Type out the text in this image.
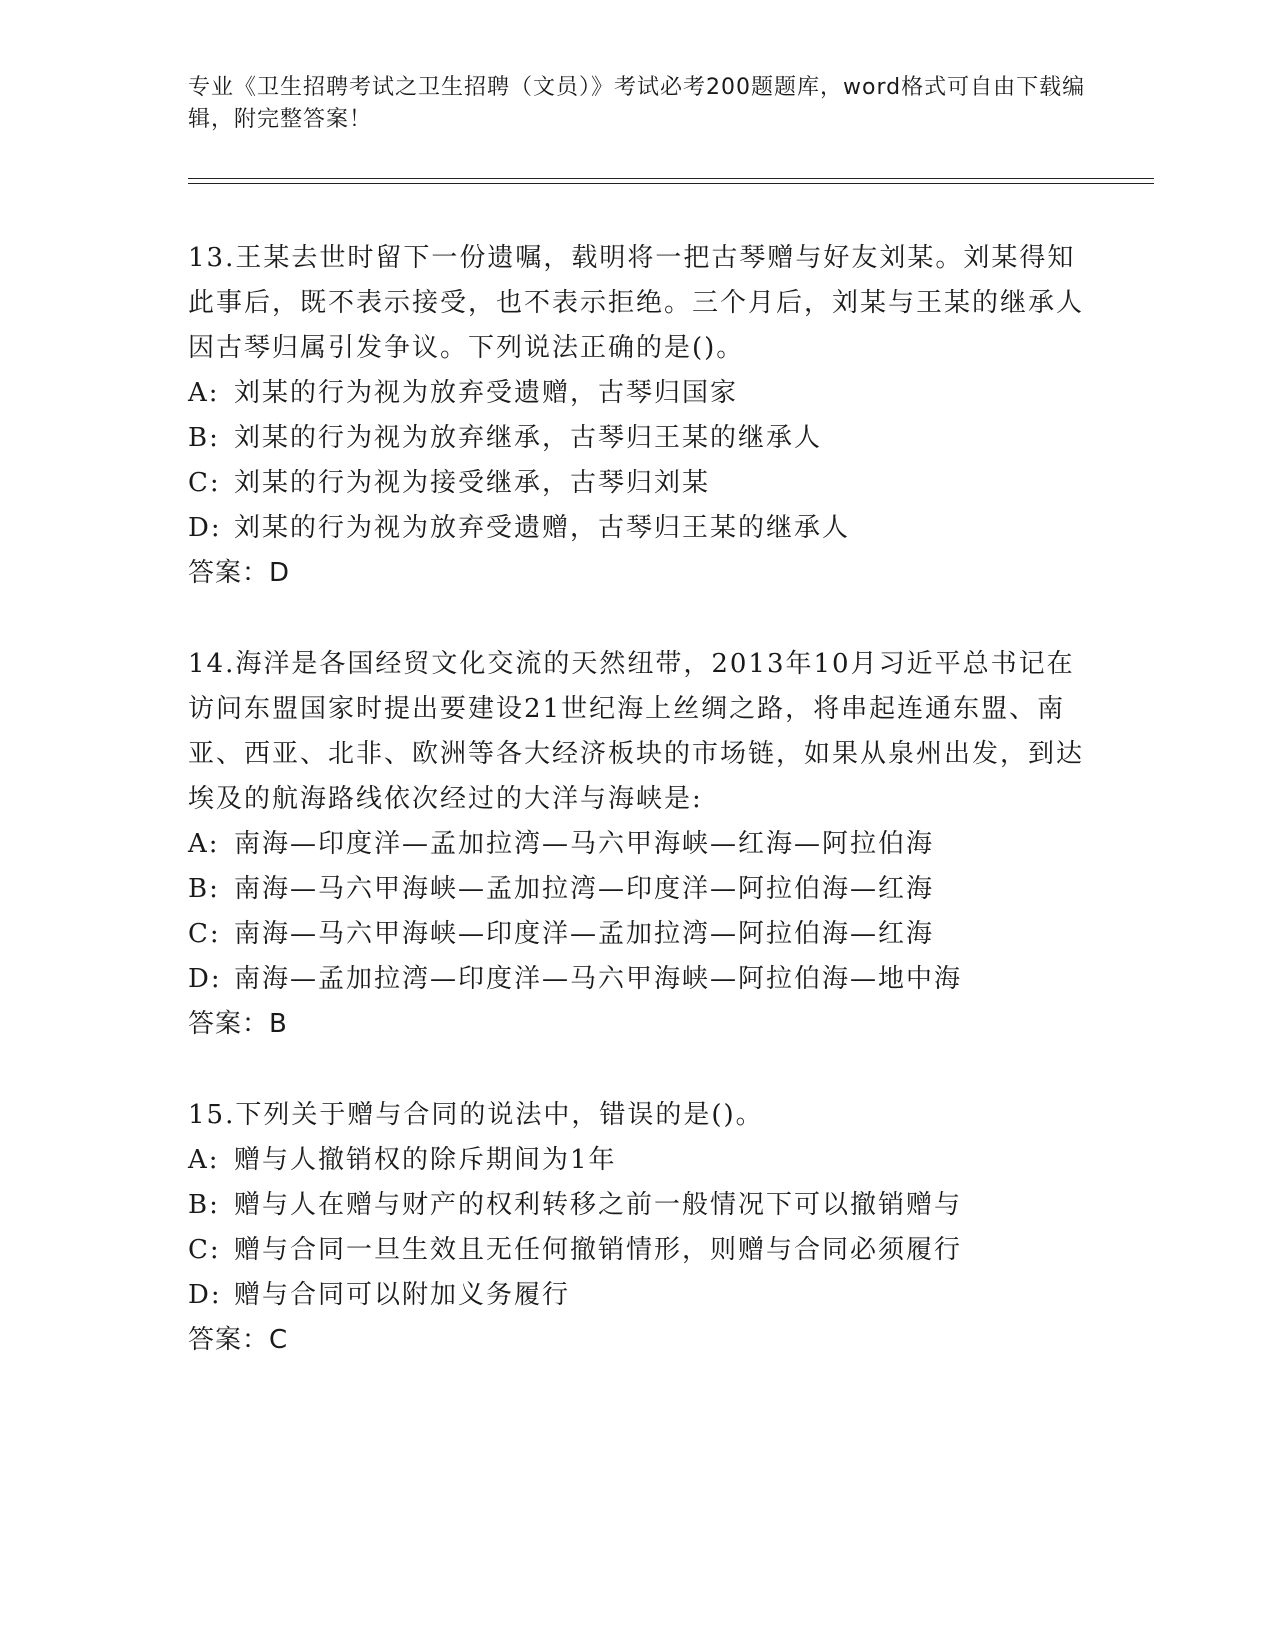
专业《卫生招聘考试之卫生招聘（文员）》考试必考200题题库，word格式可自由下载编辑，附完整答案！

13.王某去世时留下一份遗嘱，载明将一把古琴赠与好友刘某。刘某得知此事后，既不表示接受，也不表示拒绝。三个月后，刘某与王某的继承人因古琴归属引发争议。下列说法正确的是()。

A: 刘某的行为视为放弃受遗赠，古琴归国家
B: 刘某的行为视为放弃继承，古琴归王某的继承人
C: 刘某的行为视为接受继承，古琴归刘某
D: 刘某的行为视为放弃受遗赠，古琴归王某的继承人
答案：D

14.海洋是各国经贸文化交流的天然纽带，2013年10月习近平总书记在访问东盟国家时提出要建设21世纪海上丝绸之路，将串起连通东盟、南亚、西亚、北非、欧洲等各大经济板块的市场链，如果从泉州出发，到达埃及的航海路线依次经过的大洋与海峡是:

A: 南海—印度洋—孟加拉湾—马六甲海峡—红海—阿拉伯海
B: 南海—马六甲海峡—孟加拉湾—印度洋—阿拉伯海—红海
C: 南海—马六甲海峡—印度洋—孟加拉湾—阿拉伯海—红海
D: 南海—孟加拉湾—印度洋—马六甲海峡—阿拉伯海—地中海
答案：B

15.下列关于赠与合同的说法中，错误的是()。

A: 赠与人撤销权的除斥期间为1年
B: 赠与人在赠与财产的权利转移之前一般情况下可以撤销赠与
C: 赠与合同一旦生效且无任何撤销情形，则赠与合同必须履行
D: 赠与合同可以附加义务履行
答案：C
